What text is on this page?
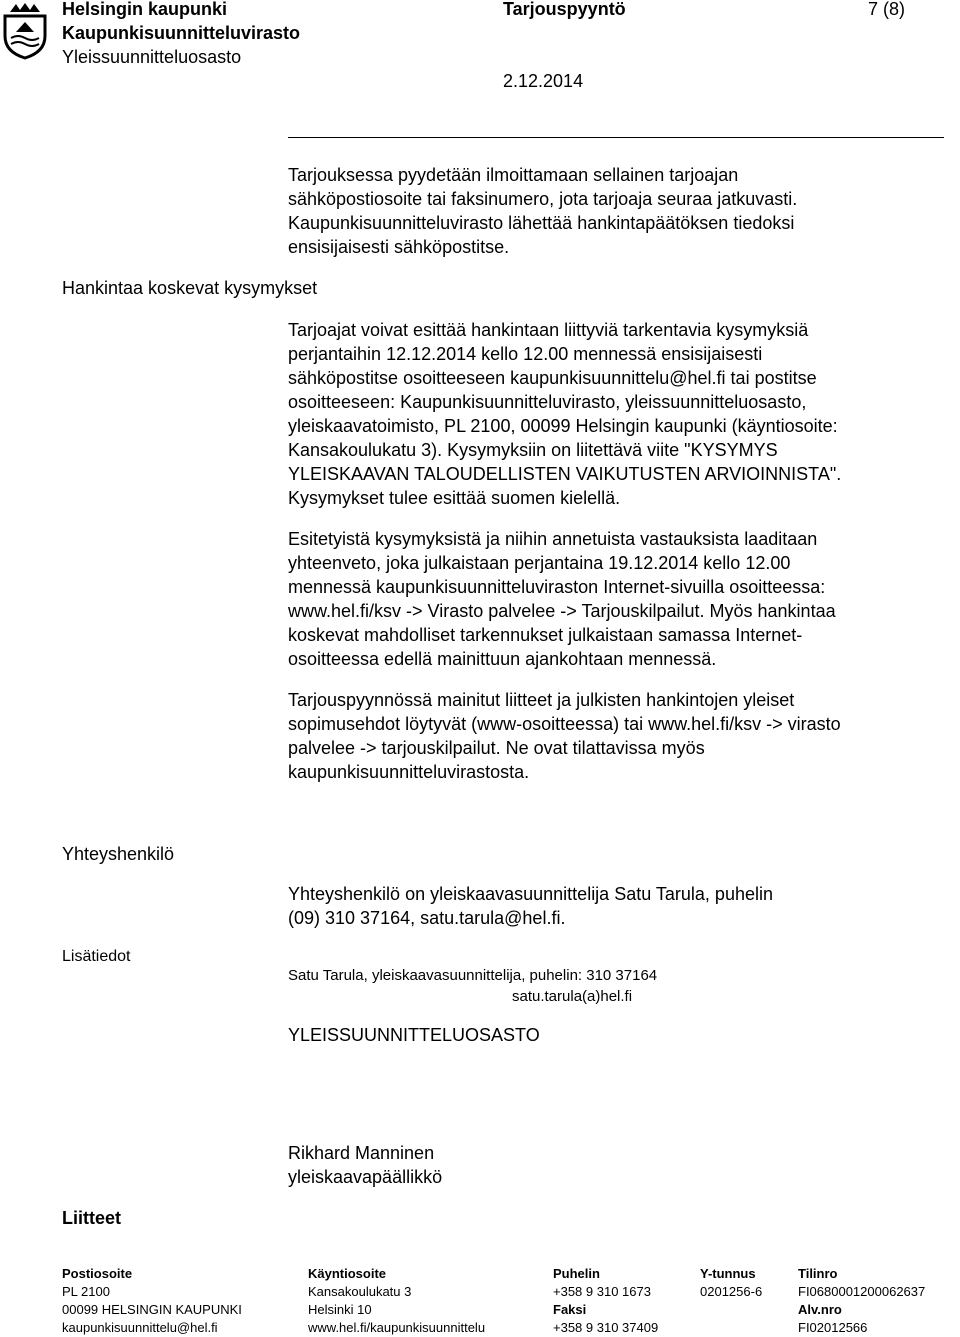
Helsingin kaupunki
Kaupunkisuunnitteluvirasto
Yleissuunnitteluosasto
Tarjouspyyntö	7 (8)
2.12.2014
Hankintaa koskevat kysymykset
Yhteyshenkilö
Lisätiedot
Liitteet
Tarjouksessa pyydetään ilmoittamaan sellainen tarjoajan
sähköpostiosoite tai faksinumero, jota tarjoaja seuraa jatkuvasti.
Kaupunkisuunnitteluvirasto lähettää hankintapäätöksen tiedoksi
ensisijaisesti sähköpostitse.
Tarjoajat voivat esittää hankintaan liittyviä tarkentavia kysymyksiä
perjantaihin 12.12.2014 kello 12.00 mennessä ensisijaisesti
sähköpostitse osoitteeseen kaupunkisuunnittelu@hel.fi tai postitse
osoitteeseen: Kaupunkisuunnitteluvirasto, yleissuunnitteluosasto,
yleiskaavatoimisto, PL 2100, 00099 Helsingin kaupunki (käyntiosoite:
Kansakoulukatu 3). Kysymyksiin on liitettävä viite "KYSYMYS
YLEISKAAVAN TALOUDELLISTEN VAIKUTUSTEN ARVIOINNISTA".
Kysymykset tulee esittää suomen kielellä.
Esitetyistä kysymyksistä ja niihin annetuista vastauksista laaditaan
yhteenveto, joka julkaistaan perjantaina 19.12.2014 kello 12.00
mennessä kaupunkisuunnitteluviraston Internet-sivuilla osoitteessa:
www.hel.fi/ksv -> Virasto palvelee -> Tarjouskilpailut. Myös hankintaa
koskevat mahdolliset tarkennukset julkaistaan samassa Internet-
osoitteessa edellä mainittuun ajankohtaan mennessä.
Tarjouspyynnössä mainitut liitteet ja julkisten hankintojen yleiset
sopimusehdot löytyvät (www-osoitteessa) tai www.hel.fi/ksv -> virasto
palvelee -> tarjouskilpailut. Ne ovat tilattavissa myös
kaupunkisuunnitteluvirastosta.
Yhteyshenkilö on yleiskaavasuunnittelija Satu Tarula, puhelin
(09) 310 37164, satu.tarula@hel.fi.
Satu Tarula, yleiskaavasuunnittelija, puhelin: 310 37164
satu.tarula(a)hel.fi
YLEISSUUNNITTELUOSASTO
Rikhard Manninen
yleiskaavapäällikkö
Postiosoite
PL 2100
00099 HELSINGIN KAUPUNKI
kaupunkisuunnittelu@hel.fi
Käyntiosoite
Kansakoulukatu 3
Helsinki 10
www.hel.fi/kaupunkisuunnittelu
Puhelin
+358 9 310 1673
Faksi
+358 9 310 37409
Y-tunnus
0201256-6
Tilinro
FI0680001200062637
Alv.nro
FI02012566
